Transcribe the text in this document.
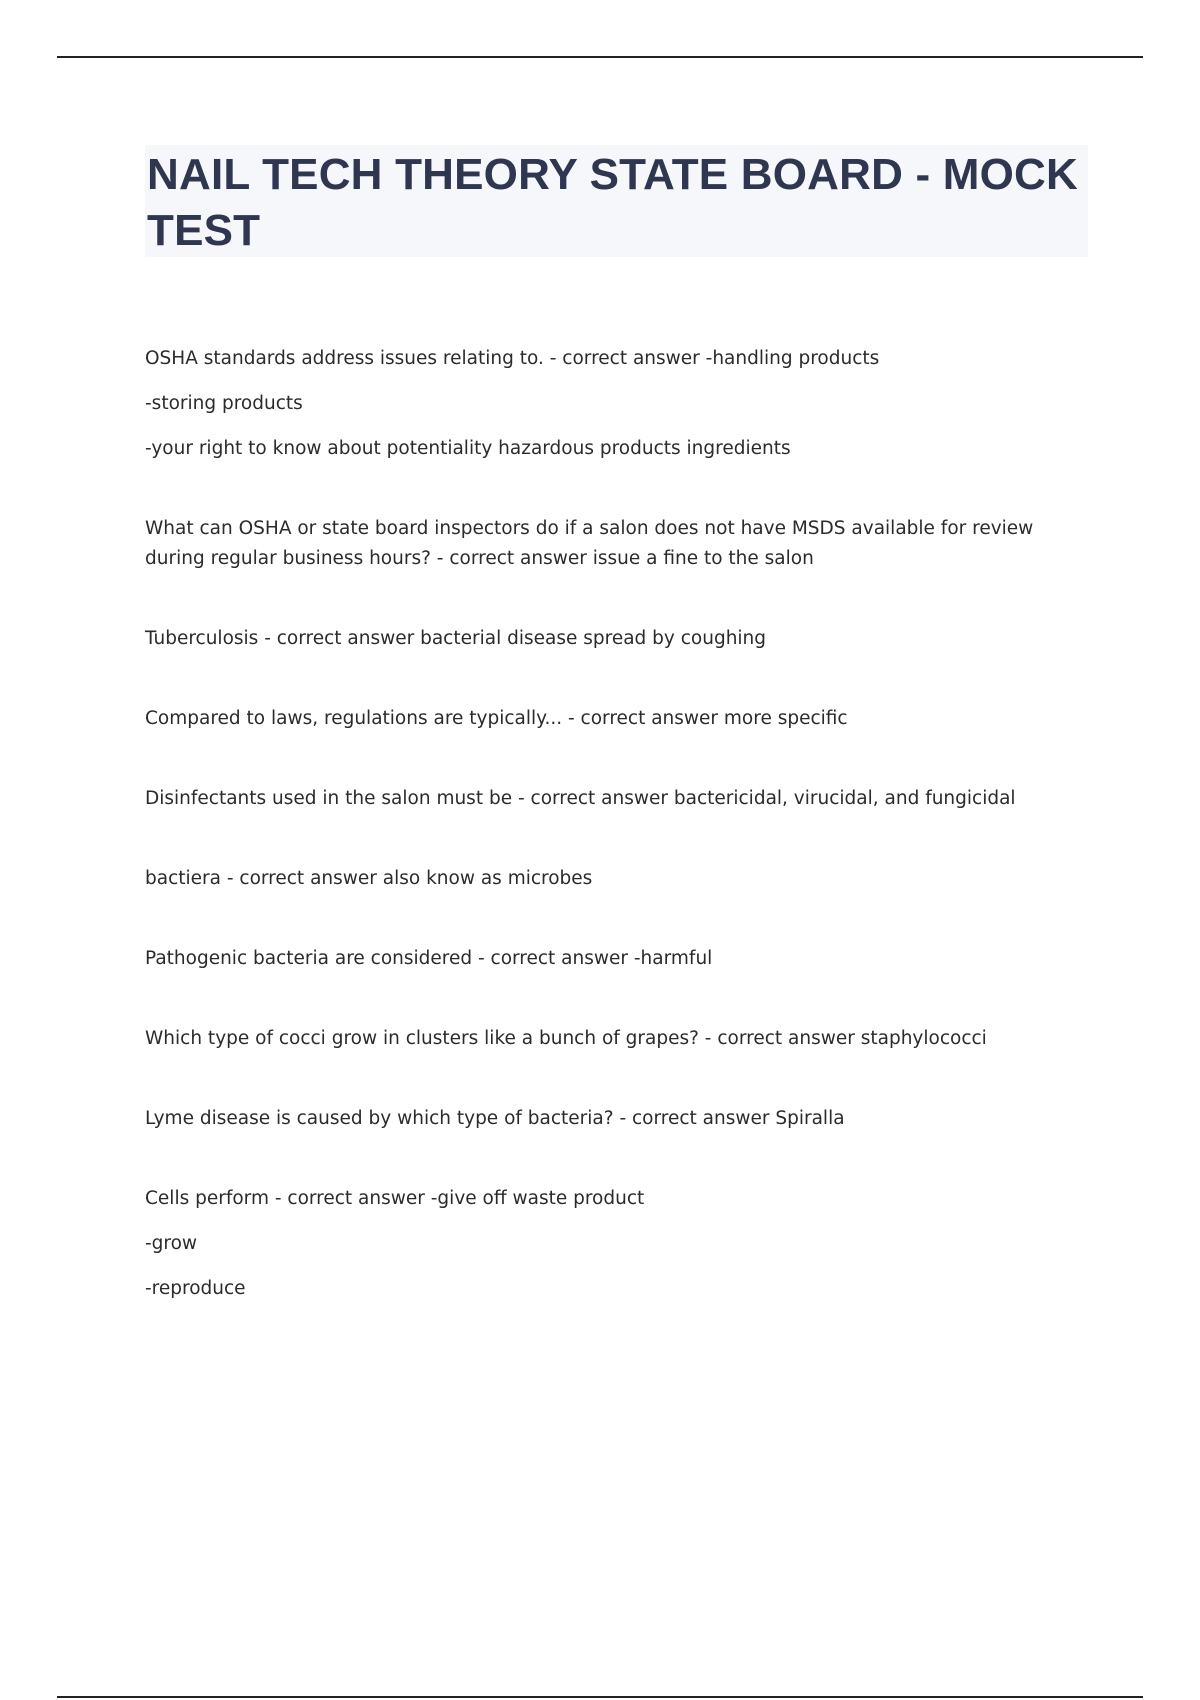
NAIL TECH THEORY STATE BOARD - MOCK TEST

OSHA standards address issues relating to. - correct answer -handling products

-storing products

-your right to know about potentiality hazardous products ingredients

What can OSHA or state board inspectors do if a salon does not have MSDS available for review during regular business hours? - correct answer issue a fine to the salon

Tuberculosis - correct answer bacterial disease spread by coughing

Compared to laws, regulations are typically... - correct answer more specific

Disinfectants used in the salon must be - correct answer bactericidal, virucidal, and fungicidal

bactiera - correct answer also know as microbes

Pathogenic bacteria are considered - correct answer -harmful

Which type of cocci grow in clusters like a bunch of grapes? - correct answer staphylococci

Lyme disease is caused by which type of bacteria? - correct answer Spiralla

Cells perform - correct answer -give off waste product

-grow

-reproduce
